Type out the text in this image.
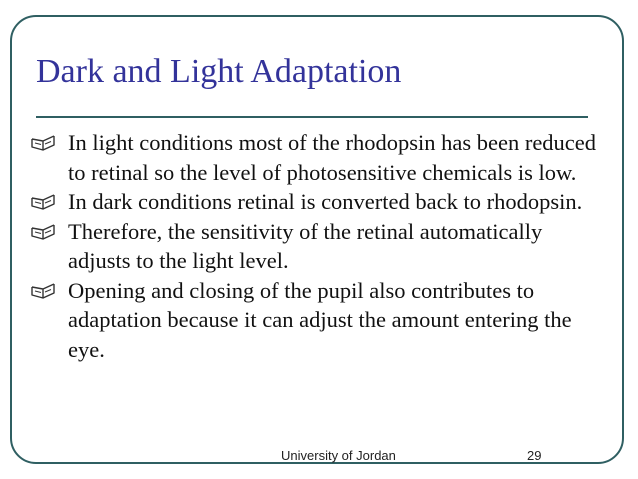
Dark and Light Adaptation
In light conditions most of the rhodopsin has been reduced to retinal so the level of photosensitive chemicals is low.
In dark conditions retinal is converted back to rhodopsin.
Therefore, the sensitivity of the retinal automatically adjusts to the light level.
Opening and closing of the pupil also contributes to adaptation because it can adjust the amount entering the eye.
University of Jordan	29
